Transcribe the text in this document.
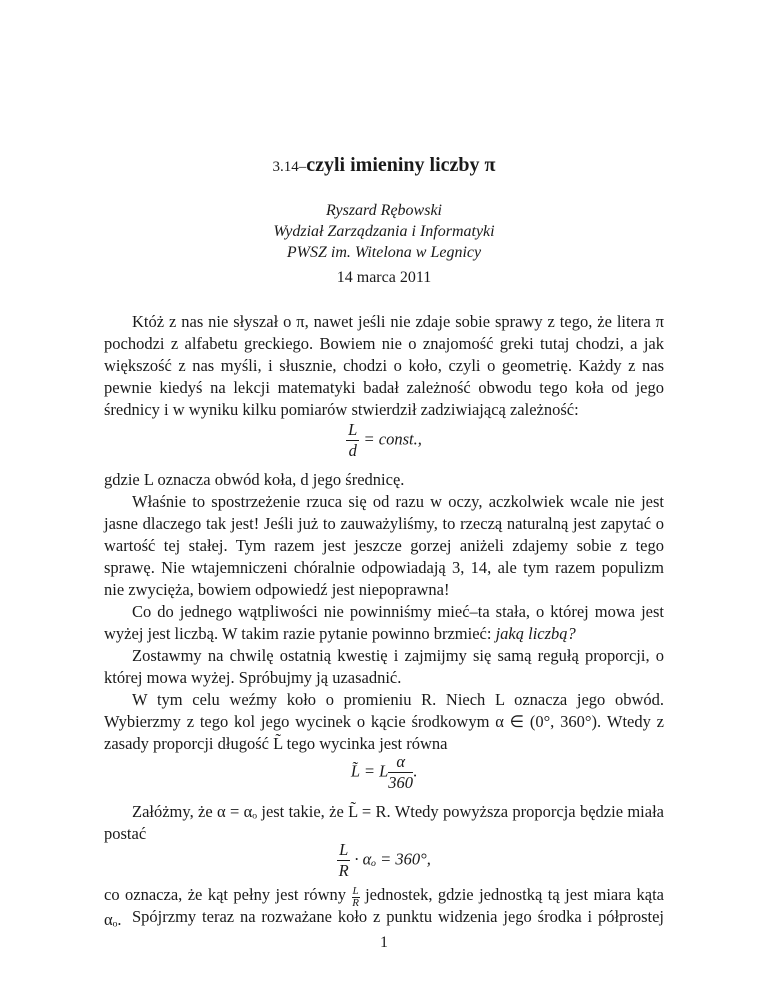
3.14–czyli imieniny liczby π
Ryszard Rębowski
Wydział Zarządzania i Informatyki
PWSZ im. Witelona w Legnicy
14 marca 2011

Któż z nas nie słyszał o π, nawet jeśli nie zdaje sobie sprawy z tego, że litera π pochodzi z alfabetu greckiego. Bowiem nie o znajomość greki tutaj chodzi, a jak większość z nas myśli, i słusznie, chodzi o koło, czyli o geometrię. Każdy z nas pewnie kiedyś na lekcji matematyki badał zależność obwodu tego koła od jego średnicy i w wyniku kilku pomiarów stwierdził zadziwiającą zależność:

$\frac{L}{d}$ = const.,

gdzie L oznacza obwód koła, d jego średnicę.

Właśnie to spostrzeżenie rzuca się od razu w oczy, aczkolwiek wcale nie jest jasne dlaczego tak jest! Jeśli już to zauważyliśmy, to rzeczą naturalną jest zapytać o wartość tej stałej. Tym razem jest jeszcze gorzej aniżeli zdajemy sobie z tego sprawę. Nie wtajemniczeni chóralnie odpowiadają 3, 14, ale tym razem populizm nie zwycięża, bowiem odpowiedź jest niepoprawna!

Co do jednego wątpliwości nie powinniśmy mieć–ta stała, o której mowa jest wyżej jest liczbą. W takim razie pytanie powinno brzmieć: jaką liczbą?

Zostawmy na chwilę ostatnią kwestię i zajmijmy się samą regułą proporcji, o której mowa wyżej. Spróbujmy ją uzasadnić.

W tym celu weźmy koło o promieniu R. Niech L oznacza jego obwód. Wybierzmy z tego kol jego wycinek o kącie środkowym α ∈ (0°, 360°). Wtedy z zasady proporcji długość L̃ tego wycinka jest równa

L̃ = L $\frac{\alpha}{360}$ .

Załóżmy, że α = αₒ jest takie, że L̃ = R. Wtedy powyższa proporcja będzie miała postać

$\frac{L}{R} \cdot \alpha_o = 360^\circ$,

co oznacza, że kąt pełny jest równy $\frac{L}{R}$ jednostek, gdzie jednostką tą jest miara kąta αₒ. Spójrzmy teraz na rozważane koło z punktu widzenia jego środka i półprostej

1
